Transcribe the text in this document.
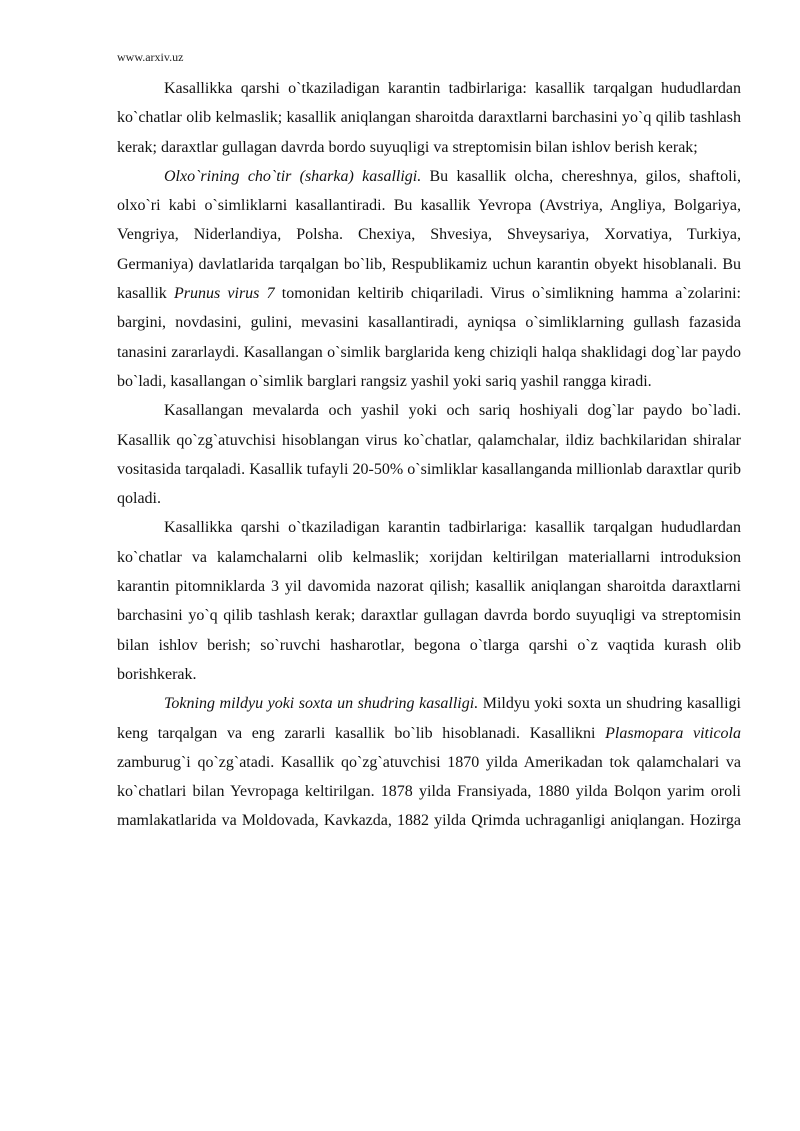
www.arxiv.uz

Kasallikka qarshi o`tkaziladigan karantin tadbirlariga: kasallik tarqalgan hududlardan ko`chatlar olib kelmaslik; kasallik aniqlangan sharoitda daraxtlarni barchasini yo`q qilib tashlash kerak; daraxtlar gullagan davrda bordo suyuqligi va streptomisin bilan ishlov berish kerak;

Olxo`rining cho`tir (sharka) kasalligi. Bu kasallik olcha, chereshnya, gilos, shaftoli, olxo`ri kabi o`simliklarni kasallantiradi. Bu kasallik Yevropa (Avstriya, Angliya, Bolgariya, Vengriya, Niderlandiya, Polsha. Chexiya, Shvesiya, Shveysariya, Xorvatiya, Turkiya, Germaniya) davlatlarida tarqalgan bo`lib, Respublikamiz uchun karantin obyekt hisoblanali. Bu kasallik Prunus virus 7 tomonidan keltirib chiqariladi. Virus o`simlikning hamma a`zolarini: bargini, novdasini, gulini, mevasini kasallantiradi, ayniqsa o`simliklarning gullash fazasida tanasini zararlaydi. Kasallangan o`simlik barglarida keng chiziqli halqa shaklidagi dog`lar paydo bo`ladi, kasallangan o`simlik barglari rangsiz yashil yoki sariq yashil rangga kiradi.

Kasallangan mevalarda och yashil yoki och sariq hoshiyali dog`lar paydo bo`ladi. Kasallik qo`zg`atuvchisi hisoblangan virus ko`chatlar, qalamchalar, ildiz bachkilaridan shiralar vositasida tarqaladi. Kasallik tufayli 20-50% o`simliklar kasallanganda millionlab daraxtlar qurib qoladi.

Kasallikka qarshi o`tkaziladigan karantin tadbirlariga: kasallik tarqalgan hududlardan ko`chatlar va kalamchalarni olib kelmaslik; xorijdan keltirilgan materiallarni introduksion karantin pitomniklarda 3 yil davomida nazorat qilish; kasallik aniqlangan sharoitda daraxtlarni barchasini yo`q qilib tashlash kerak; daraxtlar gullagan davrda bordo suyuqligi va streptomisin bilan ishlov berish; so`ruvchi hasharotlar, begona o`tlarga qarshi o`z vaqtida kurash olib borishkerak.

Tokning mildyu yoki soxta un shudring kasalligi. Mildyu yoki soxta un shudring kasalligi keng tarqalgan va eng zararli kasallik bo`lib hisoblanadi. Kasallikni Plasmopara viticola zamburug`i qo`zg`atadi. Kasallik qo`zg`atuvchisi 1870 yilda Amerikadan tok qalamchalari va ko`chatlari bilan Yevropaga keltirilgan. 1878 yilda Fransiyada, 1880 yilda Bolqon yarim oroli mamlakatlarida va Moldovada, Kavkazda, 1882 yilda Qrimda uchraganligi aniqlangan. Hozirga
